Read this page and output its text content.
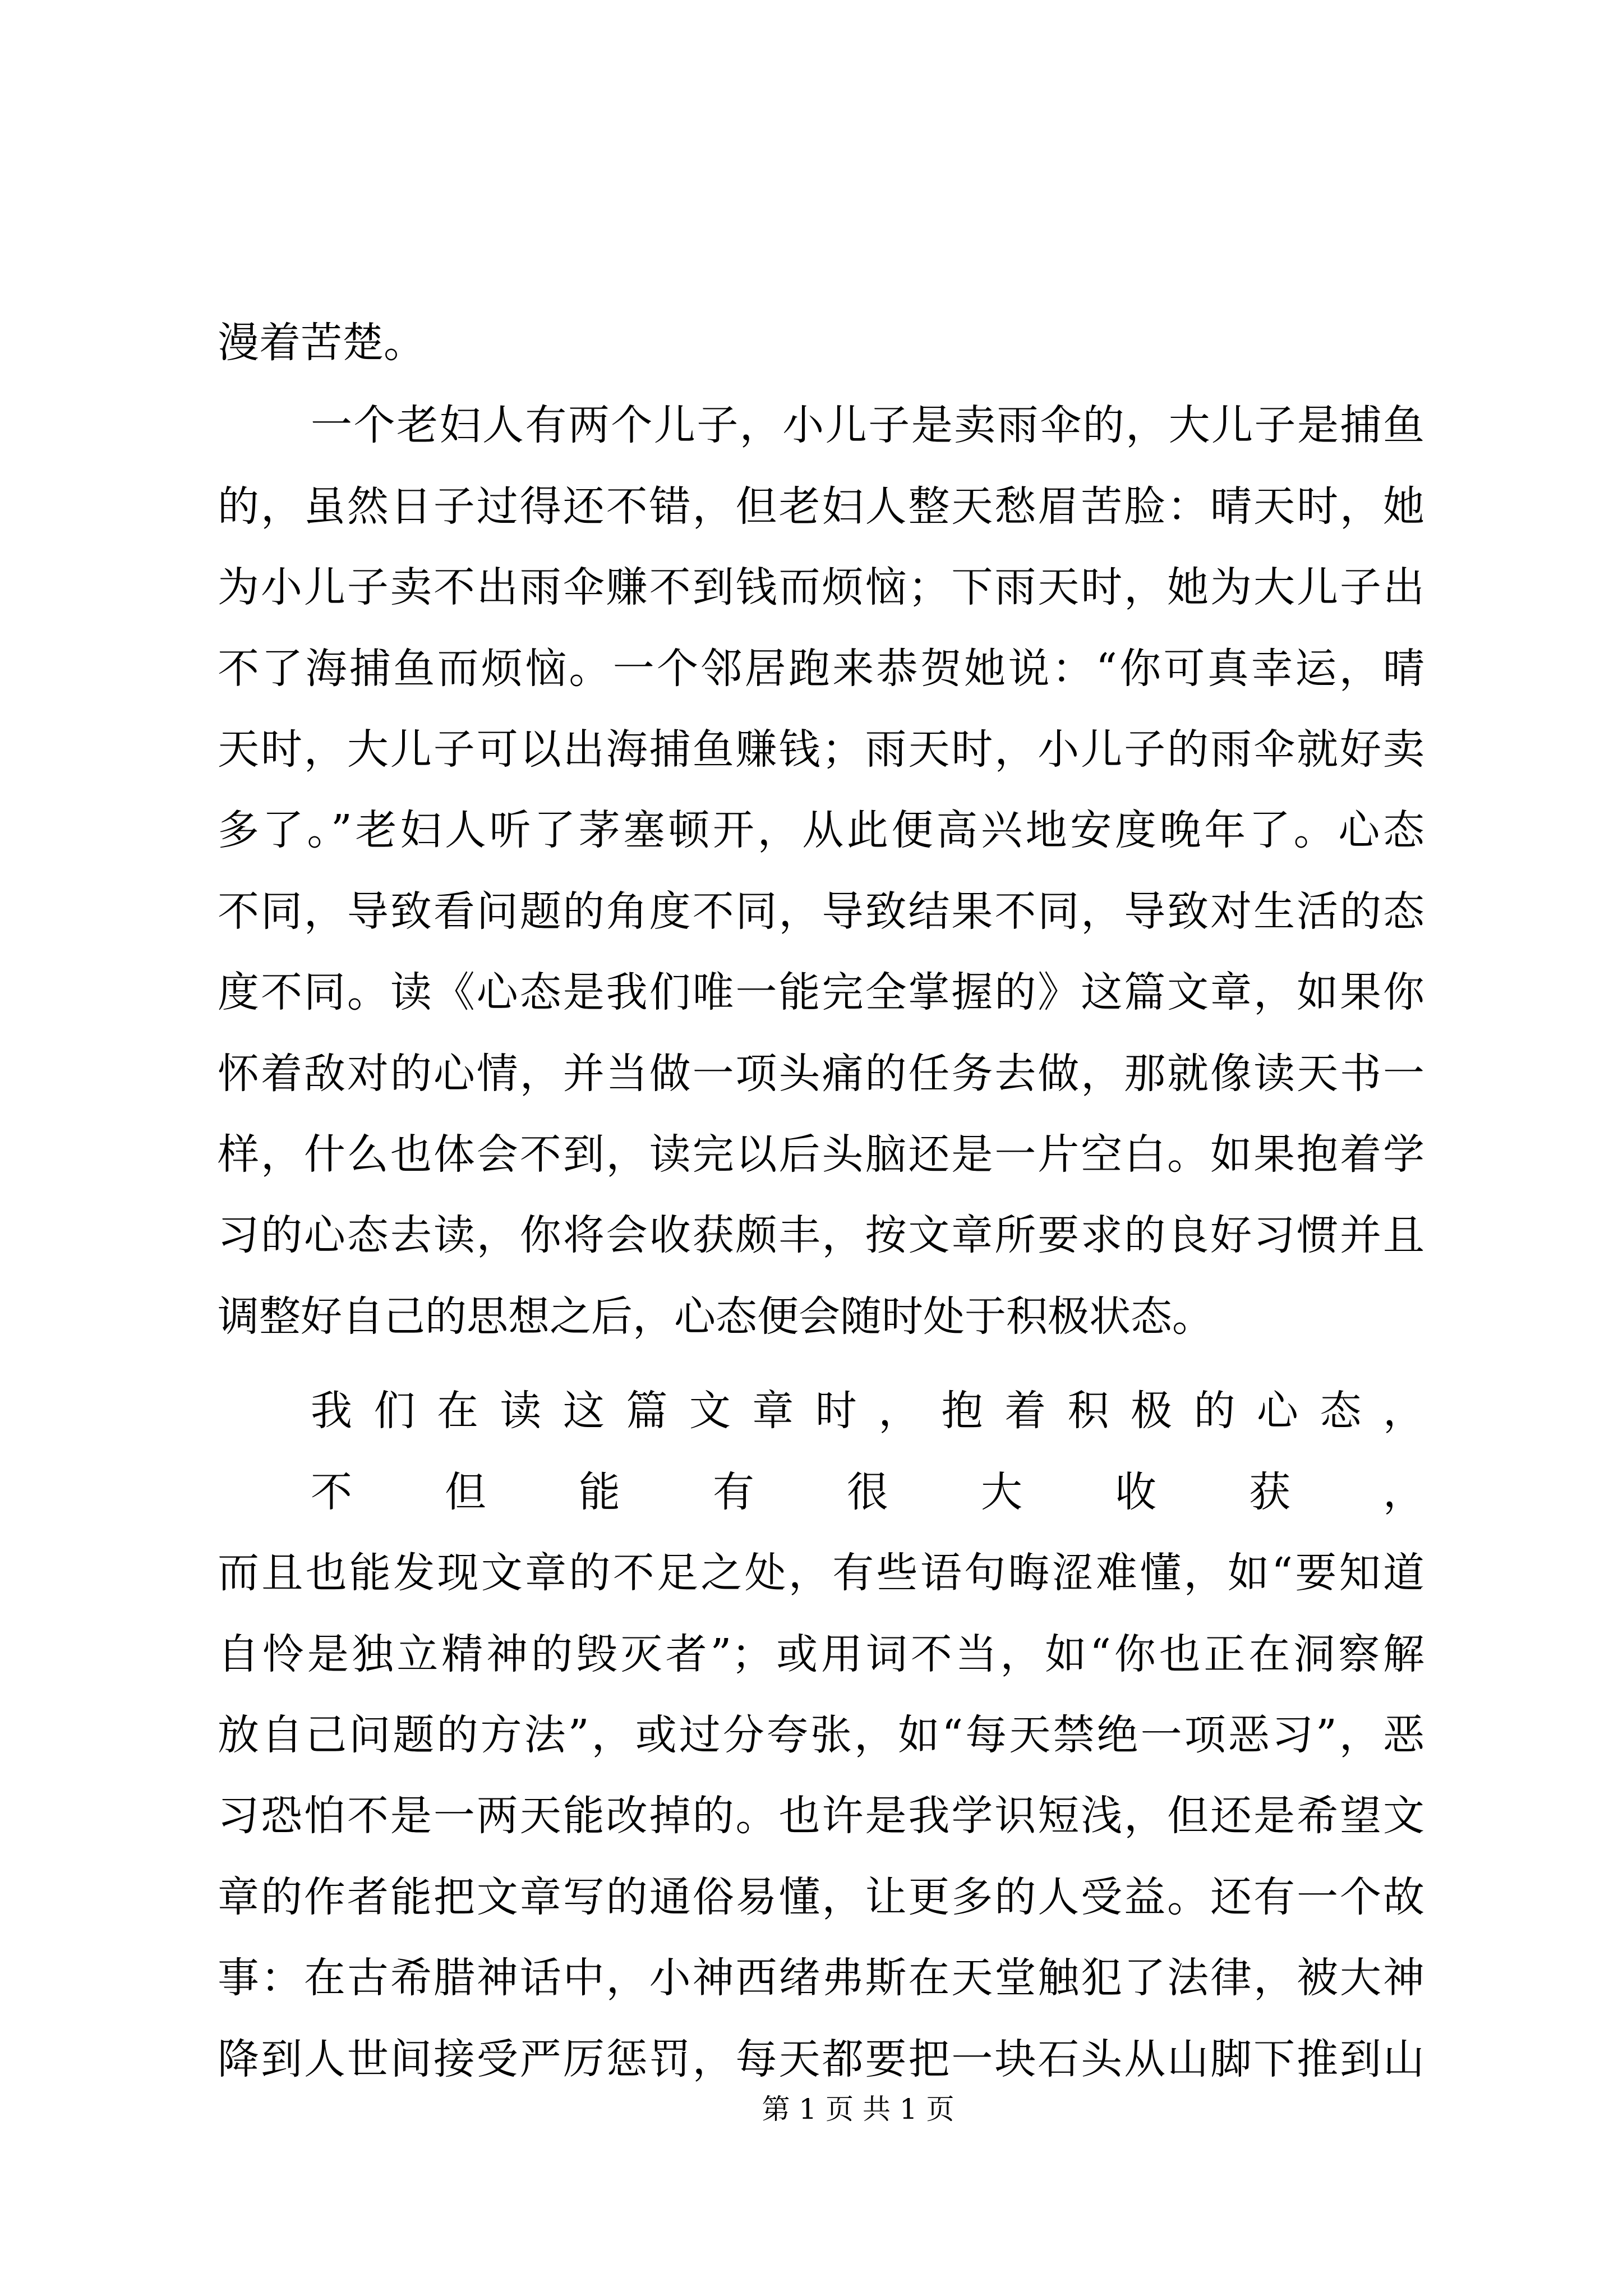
漫着苦楚。
一个老妇人有两个儿子，小儿子是卖雨伞的，大儿子是捕鱼
的，虽然日子过得还不错，但老妇人整天愁眉苦脸：晴天时，她
为小儿子卖不出雨伞赚不到钱而烦恼；下雨天时，她为大儿子出
不了海捕鱼而烦恼。一个邻居跑来恭贺她说：“你可真幸运，晴
天时，大儿子可以出海捕鱼赚钱；雨天时，小儿子的雨伞就好卖
多了。”老妇人听了茅塞顿开，从此便高兴地安度晚年了。心态
不同，导致看问题的角度不同，导致结果不同，导致对生活的态
度不同。读《心态是我们唯一能完全掌握的》这篇文章，如果你
怀着敌对的心情，并当做一项头痛的任务去做，那就像读天书一
样，什么也体会不到，读完以后头脑还是一片空白。如果抱着学
习的心态去读，你将会收获颇丰，按文章所要求的良好习惯并且
调整好自己的思想之后，心态便会随时处于积极状态。
我们在读这篇文章时，抱着积极的心态，不但能有很大收获，
而且也能发现文章的不足之处，有些语句晦涩难懂，如“要知道
自怜是独立精神的毁灭者”；或用词不当，如“你也正在洞察解
放自己问题的方法”，或过分夸张，如“每天禁绝一项恶习”，恶
习恐怕不是一两天能改掉的。也许是我学识短浅，但还是希望文
章的作者能把文章写的通俗易懂，让更多的人受益。还有一个故
事：在古希腊神话中，小神西绪弗斯在天堂触犯了法律，被大神
降到人世间接受严厉惩罚，每天都要把一块石头从山脚下推到山
第 1 页 共 1 页
